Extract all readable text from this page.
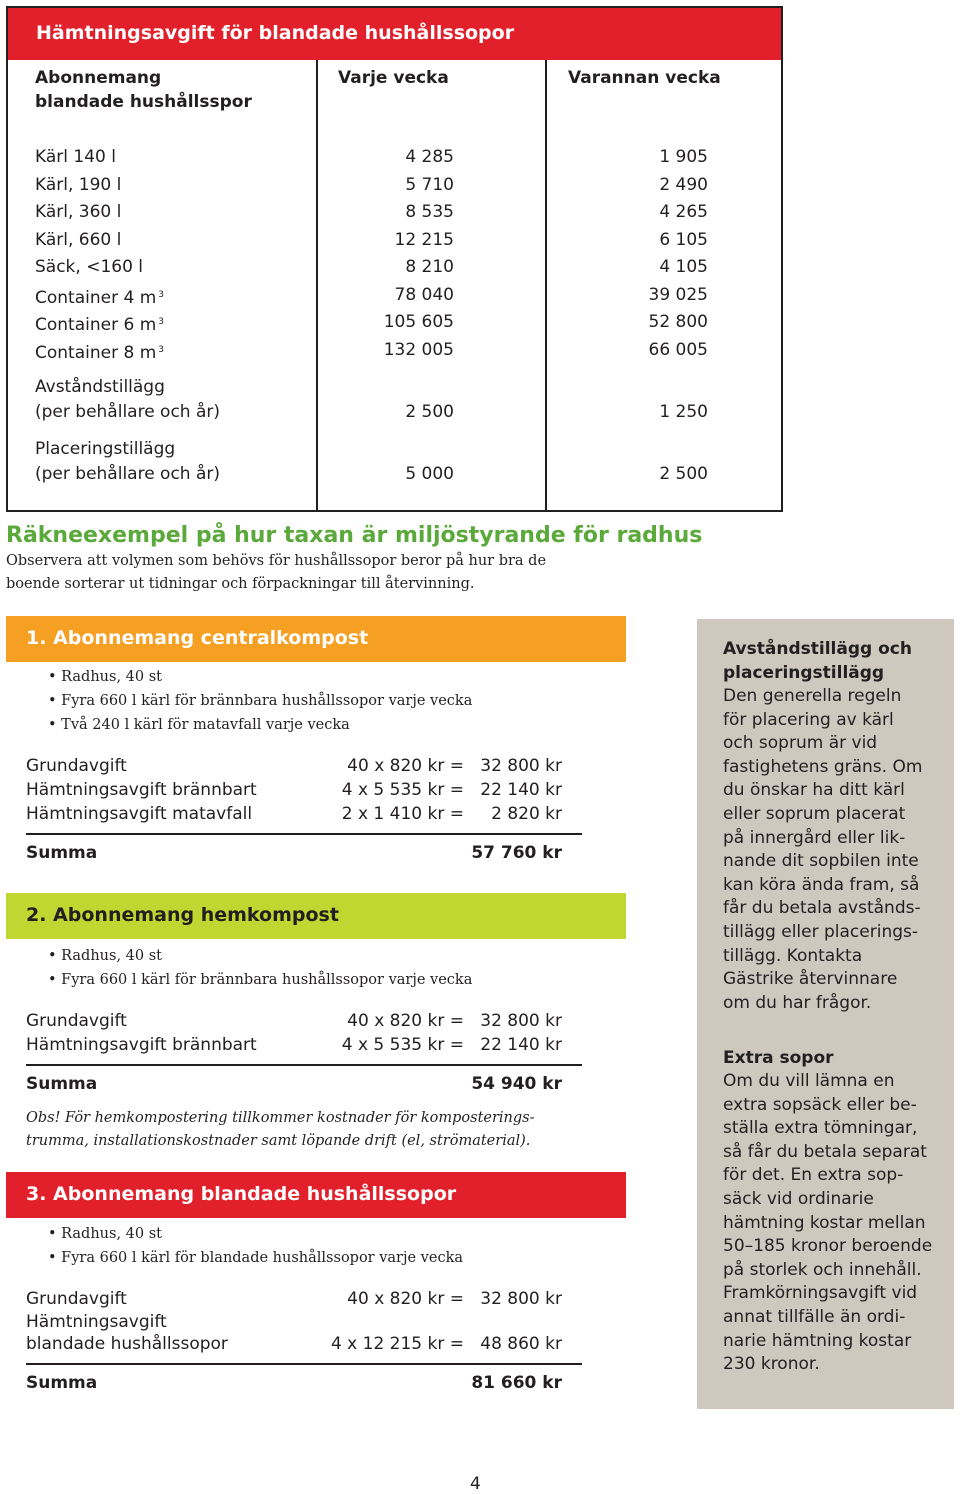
Hämtningsavgift för blandade hushållssopor
Abonnemang
blandade hushållsspor
Varje vecka	Varannan vecka
Kärl 140 l	4 285	1 905
Kärl, 190 l	5 710	2 490
Kärl, 360 l	8 535	4 265
Kärl, 660 l	12 215	6 105
Säck, <160 l	8 210	4 105
Container 4 m $^3$	78 040	39 025
Container 6 m $^3$	105 605	52 800
Container 8 m $^3$	132 005	66 005
Avståndstillägg
(per behållare och år)	2 500	1 250
Placeringstillägg
(per behållare och år)	5 000	2 500
Räkneexempel på hur taxan är miljöstyrande för radhus
Observera att volymen som behövs för hushållssopor beror på hur bra de
boende sorterar ut tidningar och förpackningar till återvinning.
1. Abonnemang centralkompost
• Radhus, 40 st
• Fyra 660 l kärl för brännbara hushållssopor varje vecka
• Två 240 l kärl för matavfall varje vecka
Grundavgift	40 x 820 kr = 32 800 kr
Hämtningsavgift brännbart	4 x 5 535 kr = 22 140 kr
Hämtningsavgift matavfall	2 x 1 410 kr =	2 820 kr
Summa	57 760 kr
2. Abonnemang hemkompost
• Radhus, 40 st
• Fyra 660 l kärl för brännbara hushållssopor varje vecka
Grundavgift	40 x 820 kr = 32 800 kr
Hämtningsavgift brännbart	4 x 5 535 kr = 22 140 kr
Summa	54 940 kr
Obs! För hemkompostering tillkommer kostnader för komposterings-
trumma, installationskostnader samt löpande drift (el, strömaterial).
3. Abonnemang blandade hushållssopor
• Radhus, 40 st
• Fyra 660 l kärl för blandade hushållssopor varje vecka
Grundavgift	40 x 820 kr = 32 800 kr
Hämtningsavgift
blandade hushållssopor	4 x 12 215 kr = 48 860 kr
Summa	81 660 kr
Avståndstillägg och
placeringstillägg
Den generella regeln
för placering av kärl
och soprum är vid
fastighetens gräns. Om
du önskar ha ditt kärl
eller soprum placerat
på innergård eller lik-
nande dit sopbilen inte
kan köra ända fram, så
får du betala avstånds-
tillägg eller placerings-
tillägg. Kontakta
Gästrike återvinnare
om du har frågor.
Extra sopor
Om du vill lämna en
extra sopsäck eller be-
ställa extra tömningar,
så får du betala separat
för det. En extra sop-
säck vid ordinarie
hämtning kostar mellan
50–185 kronor beroende
på storlek och innehåll.
Framkörningsavgift vid
annat tillfälle än ordi-
narie hämtning kostar
230 kronor.
4
